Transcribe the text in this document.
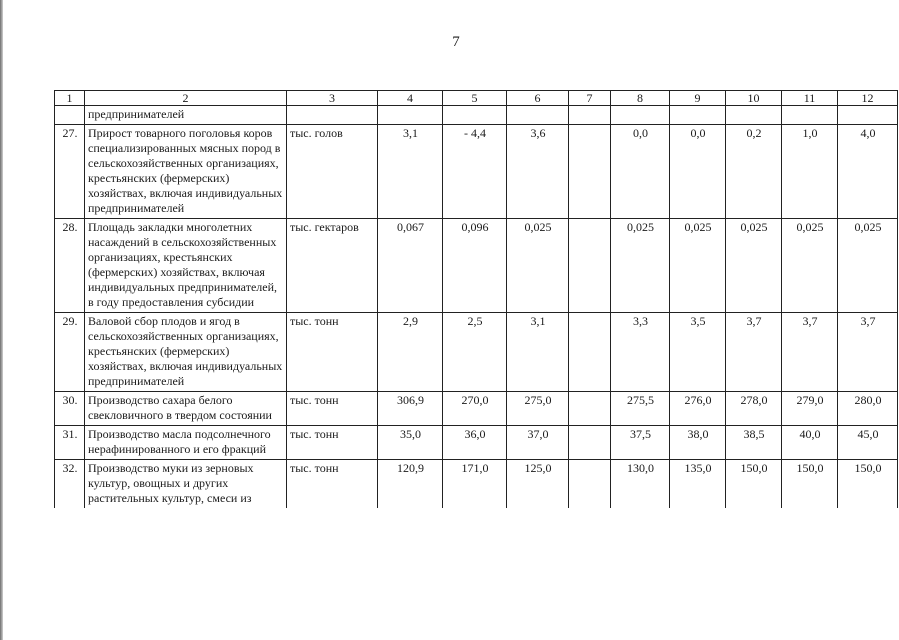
7
1	2	3	4	5	6	7	8	9	10	11	12
	предпринимателей										
27.	Прирост товарного поголовья коров специализированных мясных пород в сельскохозяйственных организациях, крестьянских (фермерских) хозяйствах, включая индивидуальных предпринимателей	тыс. голов	3,1	- 4,4	3,6		0,0	0,0	0,2	1,0	4,0
28.	Площадь закладки многолетних насаждений в сельскохозяйственных организациях, крестьянских (фермерских) хозяйствах, включая индивидуальных предпринимателей, в году предоставления субсидии	тыс. гектаров	0,067	0,096	0,025		0,025	0,025	0,025	0,025	0,025
29.	Валовой сбор плодов и ягод в сельскохозяйственных организациях, крестьянских (фермерских) хозяйствах, включая индивидуальных предпринимателей	тыс. тонн	2,9	2,5	3,1		3,3	3,5	3,7	3,7	3,7
30.	Производство сахара белого свекловичного в твердом состоянии	тыс. тонн	306,9	270,0	275,0		275,5	276,0	278,0	279,0	280,0
31.	Производство масла подсолнечного нерафинированного и его фракций	тыс. тонн	35,0	36,0	37,0		37,5	38,0	38,5	40,0	45,0
32.	Производство муки из зерновых культур, овощных и других растительных культур, смеси из	тыс. тонн	120,9	171,0	125,0		130,0	135,0	150,0	150,0	150,0
